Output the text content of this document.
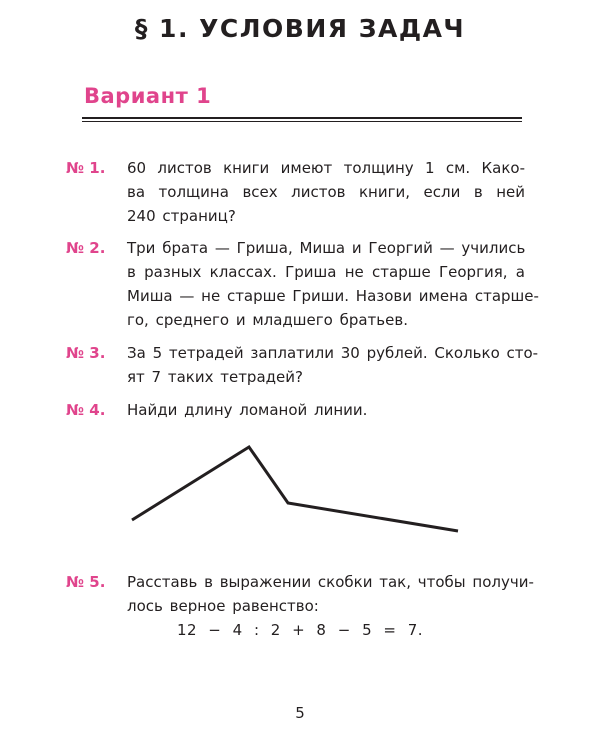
§ 1. УСЛОВИЯ ЗАДАЧ
Вариант 1
№ 1. 60 листов книги имеют толщину 1 см. Како-
ва толщина всех листов книги, если в ней
240 страниц?
№ 2. Три брата — Гриша, Миша и Георгий — учились
в разных классах. Гриша не старше Георгия, а
Миша — не старше Гриши. Назови имена старше-
го, среднего и младшего братьев.
№ 3. За 5 тетрадей заплатили 30 рублей. Сколько сто-
ят 7 таких тетрадей?
№ 4. Найди длину ломаной линии.
№ 5. Расставь в выражении скобки так, чтобы получи-
лось верное равенство:
12 − 4 : 2 + 8 − 5 = 7.
5
